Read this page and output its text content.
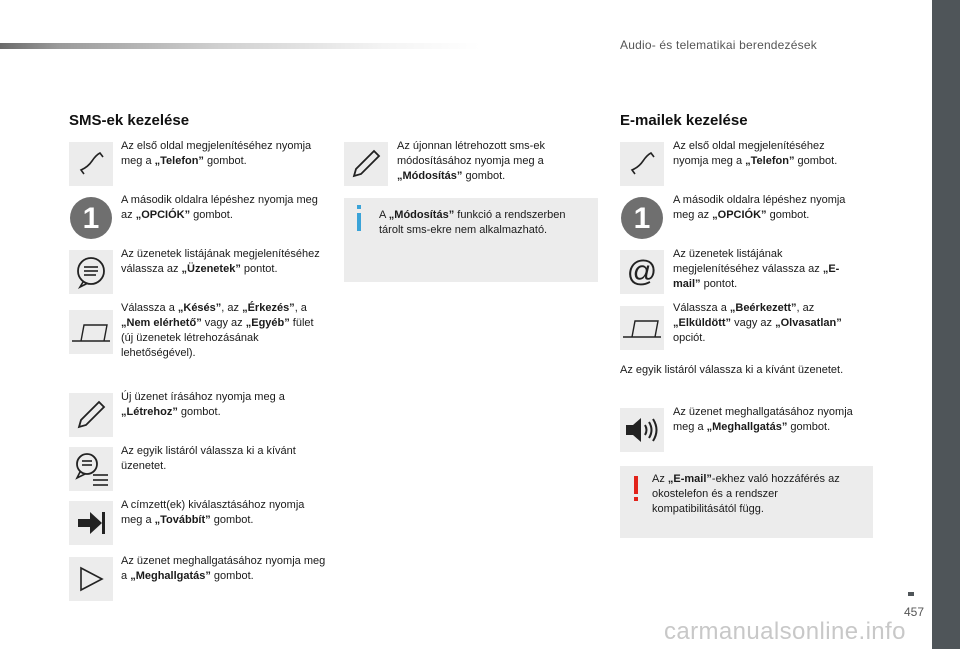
Audio- és telematikai berendezések
SMS-ek kezelése
Az első oldal megjelenítéséhez nyomja meg a „Telefon” gombot.
1
A második oldalra lépéshez nyomja meg az „OPCIÓK” gombot.
Az üzenetek listájának megjelenítéséhez válassza az „Üzenetek” pontot.
Válassza a „Késés”, az „Érkezés”, a „Nem elérhető” vagy az „Egyéb” fület (új üzenetek létrehozásának lehetőségével).
Új üzenet írásához nyomja meg a „Létrehoz” gombot.
Az egyik listáról válassza ki a kívánt üzenetet.
A címzett(ek) kiválasztásához nyomja meg a „Továbbít” gombot.
Az üzenet meghallgatásához nyomja meg a „Meghallgatás” gombot.
Az újonnan létrehozott sms-ek módosításához nyomja meg a „Módosítás” gombot.
A „Módosítás” funkció a rendszerben tárolt sms-ekre nem alkalmazható.
E-mailek kezelése
Az első oldal megjelenítéséhez nyomja meg a „Telefon” gombot.
1
A második oldalra lépéshez nyomja meg az „OPCIÓK” gombot.
@
Az üzenetek listájának megjelenítéséhez válassza az „E-mail” pontot.
Válassza a „Beérkezett”, az „Elküldött” vagy az „Olvasatlan” opciót.
Az egyik listáról válassza ki a kívánt üzenetet.
Az üzenet meghallgatásához nyomja meg a „Meghallgatás” gombot.
Az „E-mail”-ekhez való hozzáférés az okostelefon és a rendszer kompatibilitásától függ.
457
carmanualsonline.info
